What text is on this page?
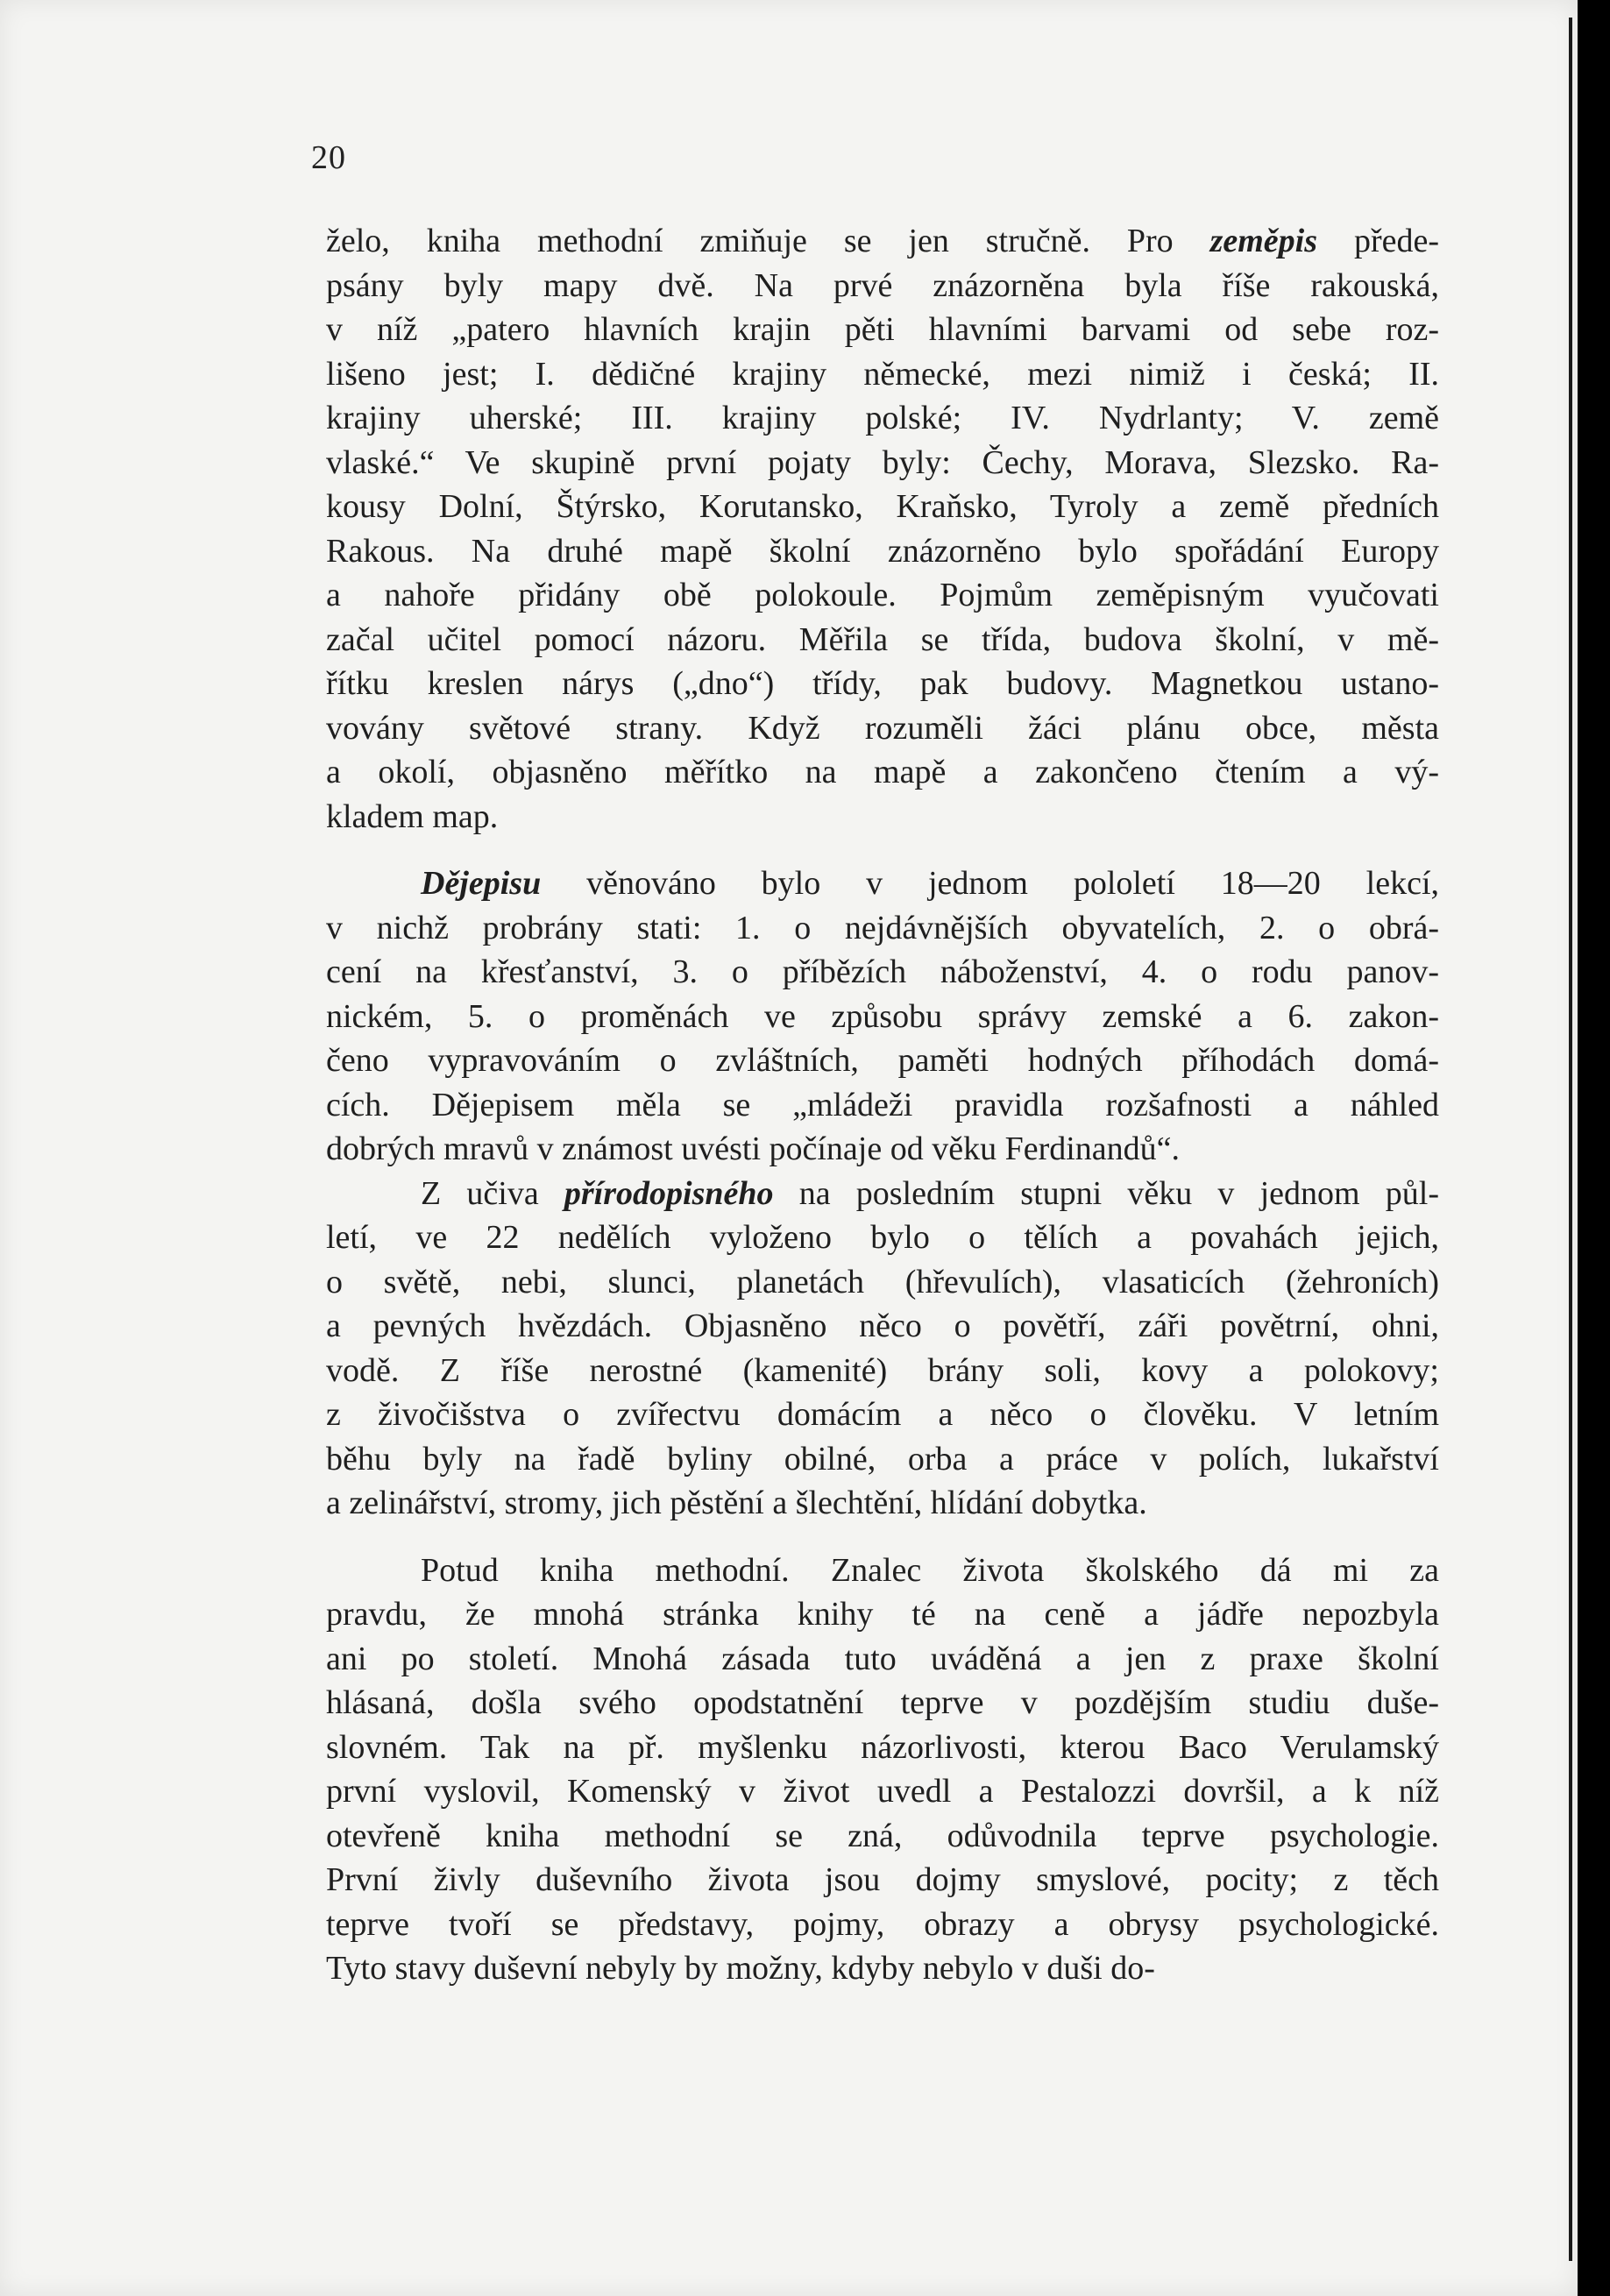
20
želo, kniha methodní zmiňuje se jen stručně. Pro zeměpis přede-
psány byly mapy dvě. Na prvé znázorněna byla říše rakouská,
v níž „patero hlavních krajin pěti hlavními barvami od sebe roz-
lišeno jest; I. dědičné krajiny německé, mezi nimiž i česká; II.
krajiny uherské; III. krajiny polské; IV. Nydrlanty; V. země
vlaské.“ Ve skupině první pojaty byly: Čechy, Morava, Slezsko. Ra-
kousy Dolní, Štýrsko, Korutansko, Kraňsko, Tyroly a země předních
Rakous. Na druhé mapě školní znázorněno bylo spořádání Europy
a nahoře přidány obě polokoule. Pojmům zeměpisným vyučovati
začal učitel pomocí názoru. Měřila se třída, budova školní, v mě-
řítku kreslen nárys („dno“) třídy, pak budovy. Magnetkou ustano-
vovány světové strany. Když rozuměli žáci plánu obce, města
a okolí, objasněno měřítko na mapě a zakončeno čtením a vý-
kladem map.
Dějepisu věnováno bylo v jednom pololetí 18—20 lekcí,
v nichž probrány stati: 1. o nejdávnějších obyvatelích, 2. o obrá-
cení na křesťanství, 3. o příbězích náboženství, 4. o rodu panov-
nickém, 5. o proměnách ve způsobu správy zemské a 6. zakon-
čeno vypravováním o zvláštních, paměti hodných příhodách domá-
cích. Dějepisem měla se „mládeži pravidla rozšafnosti a náhled
dobrých mravů v známost uvésti počínaje od věku Ferdinandů“.
Z učiva přírodopisného na posledním stupni věku v jednom půl-
letí, ve 22 nedělích vyloženo bylo o tělích a povahách jejich,
o světě, nebi, slunci, planetách (hřevulích), vlasaticích (žehroních)
a pevných hvězdách. Objasněno něco o povětří, záři povětrní, ohni,
vodě. Z říše nerostné (kamenité) brány soli, kovy a polokovy;
z živočišstva o zvířectvu domácím a něco o člověku. V letním
běhu byly na řadě byliny obilné, orba a práce v polích, lukařství
a zelinářství, stromy, jich pěstění a šlechtění, hlídání dobytka.
Potud kniha methodní. Znalec života školského dá mi za
pravdu, že mnohá stránka knihy té na ceně a jádře nepozbyla
ani po století. Mnohá zásada tuto uváděná a jen z praxe školní
hlásaná, došla svého opodstatnění teprve v pozdějším studiu duše-
slovném. Tak na př. myšlenku názorlivosti, kterou Baco Verulamský
první vyslovil, Komenský v život uvedl a Pestalozzi dovršil, a k níž
otevřeně kniha methodní se zná, odůvodnila teprve psychologie.
První živly duševního života jsou dojmy smyslové, pocity; z těch
teprve tvoří se představy, pojmy, obrazy a obrysy psychologické.
Tyto stavy duševní nebyly by možny, kdyby nebylo v duši do-
